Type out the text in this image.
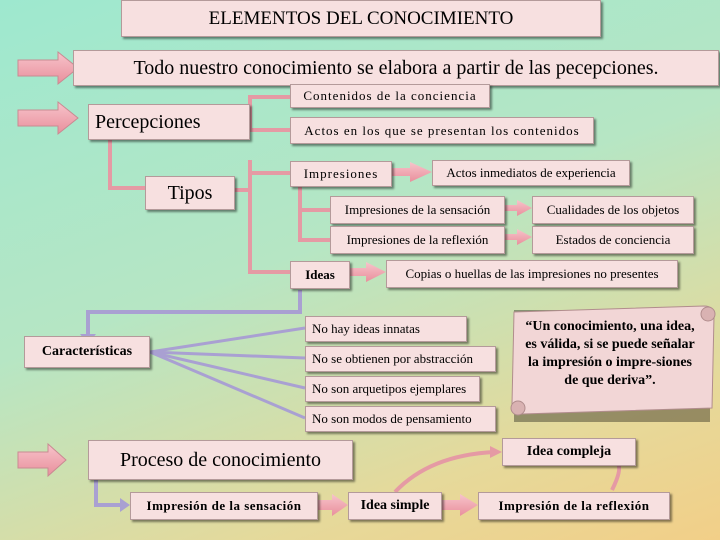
ELEMENTOS DEL CONOCIMIENTO
Todo nuestro conocimiento se elabora a partir de las pecepciones.
Percepciones
Contenidos de la conciencia
Actos en los que se presentan los contenidos
Tipos
Impresiones	Actos inmediatos de experiencia
Impresiones de la sensación	Cualidades de los objetos
Impresiones de la reflexión	Estados de conciencia
Ideas	Copias o huellas de las impresiones no presentes
Características
No hay ideas innatas
No se obtienen por abstracción
No son arquetipos ejemplares
No son modos de pensamiento
“Un conocimiento, una idea, es válida, si se puede señalar la impresión o impre-siones de que deriva”.
Proceso de conocimiento	Idea compleja
Impresión de la sensación	Idea simple	Impresión de la reflexión
